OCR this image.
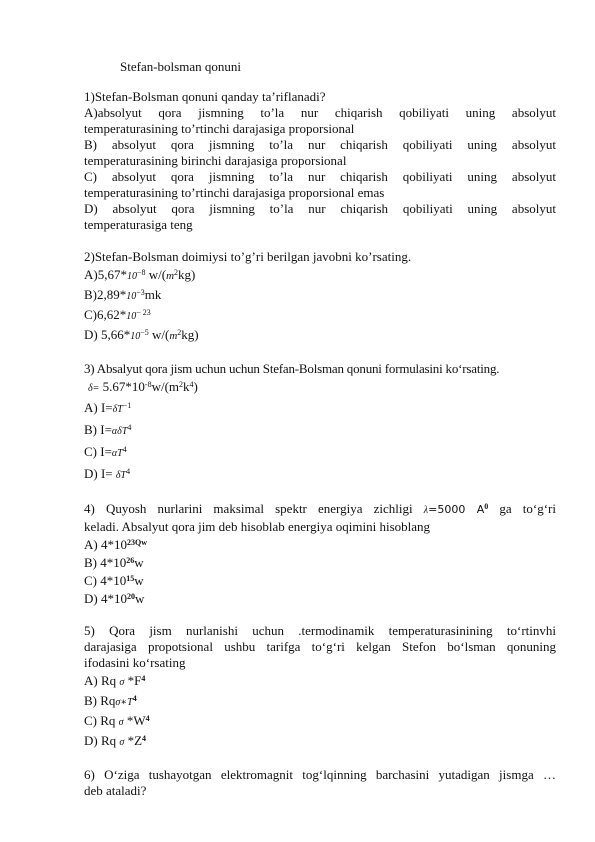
Stefan-bolsman qonuni
1)Stefan-Bolsman qonuni qanday ta’riflanadi?
A)absolyut qora jismning to’la nur chiqarish qobiliyati uning absolyut
temperaturasining to’rtinchi darajasiga proporsional
B) absolyut qora jismning to’la nur chiqarish qobiliyati uning absolyut
temperaturasining birinchi darajasiga proporsional
C) absolyut qora jismning to’la nur chiqarish qobiliyati uning absolyut
temperaturasining to’rtinchi darajasiga proporsional emas
D) absolyut qora jismning to’la nur chiqarish qobiliyati uning absolyut
temperaturasiga teng
2)Stefan-Bolsman doimiysi to’g’ri berilgan javobni ko’rsating.
$A)5,67*10^{-8}$ $w/(m^2kg)$
$B)2,89*10^{-3}mk$
$C)6,62*10^{- 23}$
D) $5,66*10^{-5}$ $w/(m^2kg)$
3) Absalyut qora jism uchun uchun Stefan-Bolsman qonuni formulasini ko‘rsating.
$\delta= 5.67*10^{-8}w/(m^2k^4)$
A) $I=\delta T^{-1}$
B) I=αδT$^4$
C) $I=\alpha T^4$
D) $I= \delta T^4$
4) Quyosh nurlarini maksimal spektr energiya zichligi λ=5000 $A^0$ ga to‘g‘ri
keladi. Absalyut qora jim deb hisoblab energiya oqimini hisoblang
A) $4*10^{23Qw}$
B) $4*10^{26}w$
C) $4*10^{15}w$
D) $4*10^{20}w$
5) Qora jism nurlanishi uchun .termodinamik temperaturasinining to‘rtinvhi
darajasiga propotsional ushbu tarifga to‘g‘ri kelgan Stefon bo‘lsman qonuning
ifodasini ko‘rsating
A) Rq σ $*F^4$
B) $Rq\sigma∗T^4$
C) Rq σ $*W^4$
D) Rq σ $*Z^4$
6) O‘ziga tushayotgan elektromagnit tog‘lqinning barchasini yutadigan jismga …
deb ataladi?
